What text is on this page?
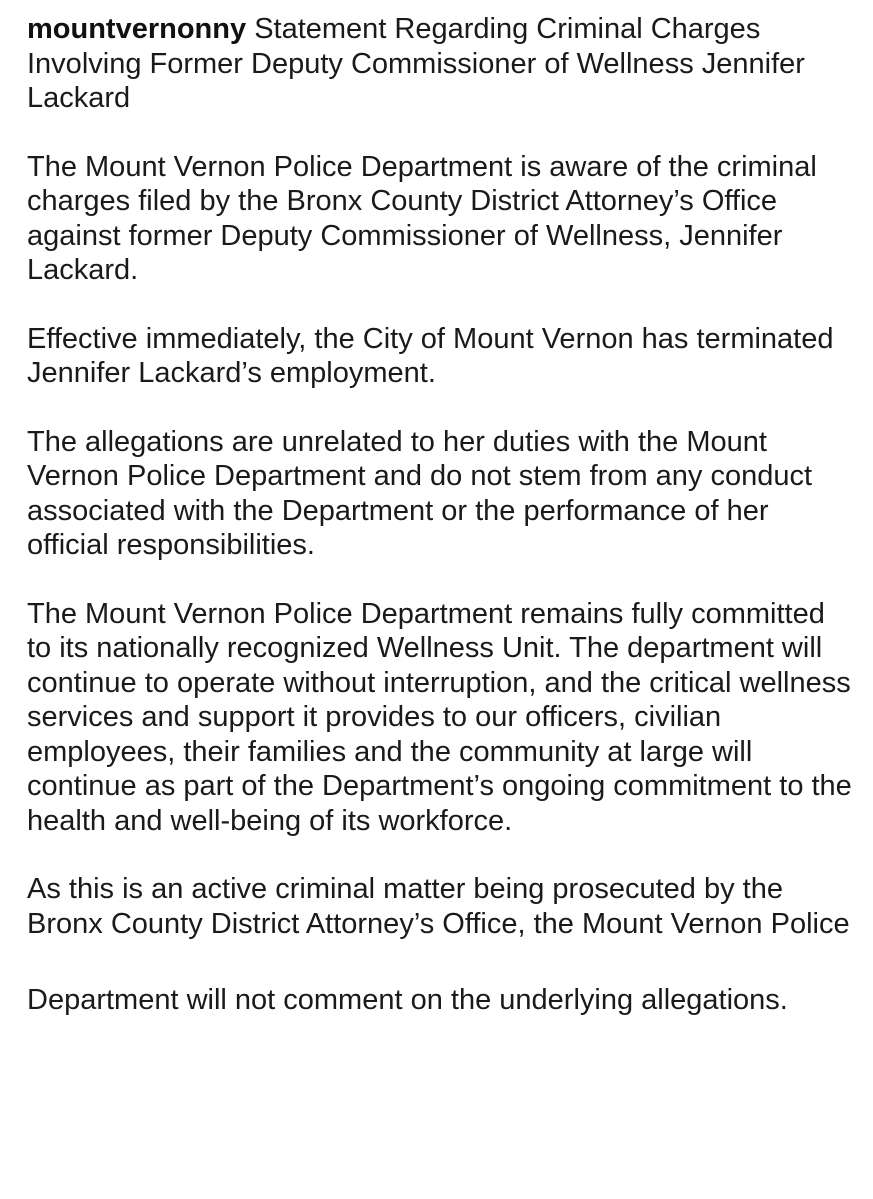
mountvernonny Statement Regarding Criminal Charges Involving Former Deputy Commissioner of Wellness Jennifer Lackard

The Mount Vernon Police Department is aware of the criminal charges filed by the Bronx County District Attorney’s Office against former Deputy Commissioner of Wellness, Jennifer Lackard.

Effective immediately, the City of Mount Vernon has terminated Jennifer Lackard’s employment.

The allegations are unrelated to her duties with the Mount Vernon Police Department and do not stem from any conduct associated with the Department or the performance of her official responsibilities.

The Mount Vernon Police Department remains fully committed to its nationally recognized Wellness Unit. The department will continue to operate without interruption, and the critical wellness services and support it provides to our officers, civilian employees, their families and the community at large will continue as part of the Department’s ongoing commitment to the health and well-being of its workforce.

As this is an active criminal matter being prosecuted by the Bronx County District Attorney’s Office, the Mount Vernon Police

Department will not comment on the underlying allegations.
